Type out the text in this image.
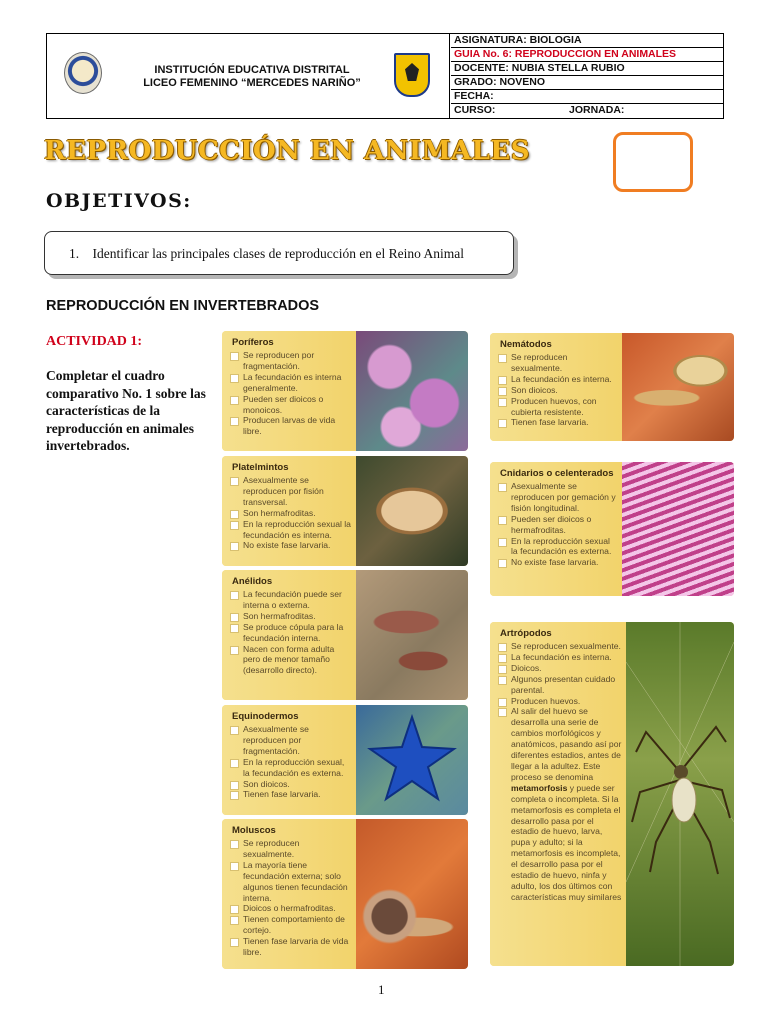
INSTITUCIÓN EDUCATIVA DISTRITAL
LICEO FEMENINO “MERCEDES NARIÑO”
ASIGNATURA: BIOLOGIA
GUIA No. 6: REPRODUCCION EN ANIMALES
DOCENTE: NUBIA STELLA RUBIO
GRADO: NOVENO
FECHA:
CURSO:	JORNADA:
REPRODUCCIÓN EN ANIMALES
OBJETIVOS:
1. Identificar las principales clases de reproducción en el Reino Animal
REPRODUCCIÓN EN INVERTEBRADOS
ACTIVIDAD 1:
Completar el cuadro comparativo No. 1 sobre las características de la reproducción en animales invertebrados.
Poríferos
Se reproducen por fragmentación.
La fecundación es interna generalmente.
Pueden ser dioicos o monoicos.
Producen larvas de vida libre.
Platelmintos
Asexualmente se reproducen por fisión transversal.
Son hermafroditas.
En la reproducción sexual la fecundación es interna.
No existe fase larvaria.
Anélidos
La fecundación puede ser interna o externa.
Son hermafroditas.
Se produce cópula para la fecundación interna.
Nacen con forma adulta pero de menor tamaño (desarrollo directo).
Equinodermos
Asexualmente se reproducen por fragmentación.
En la reproducción sexual, la fecundación es externa.
Son dioicos.
Tienen fase larvaria.
Moluscos
Se reproducen sexualmente.
La mayoría tiene fecundación externa; solo algunos tienen fecundación interna.
Dioicos o hermafroditas.
Tienen comportamiento de cortejo.
Tienen fase larvaria de vida libre.
Nemátodos
Se reproducen sexualmente.
La fecundación es interna.
Son dioicos.
Producen huevos, con cubierta resistente.
Tienen fase larvaria.
Cnidarios o celenterados
Asexualmente se reproducen por gemación y fisión longitudinal.
Pueden ser dioicos o hermafroditas.
En la reproducción sexual la fecundación es externa.
No existe fase larvaria.
Artrópodos
Se reproducen sexualmente.
La fecundación es interna.
Dioicos.
Algunos presentan cuidado parental.
Producen huevos.
Al salir del huevo se desarrolla una serie de cambios morfológicos y anatómicos, pasando así por diferentes estadios, antes de llegar a la adultez. Este proceso se denomina metamorfosis y puede ser completa o incompleta. Si la metamorfosis es completa el desarrollo pasa por el estadio de huevo, larva, pupa y adulto; si la metamorfosis es incompleta, el desarrollo pasa por el estadio de huevo, ninfa y adulto, los dos últimos con características muy similares
1
